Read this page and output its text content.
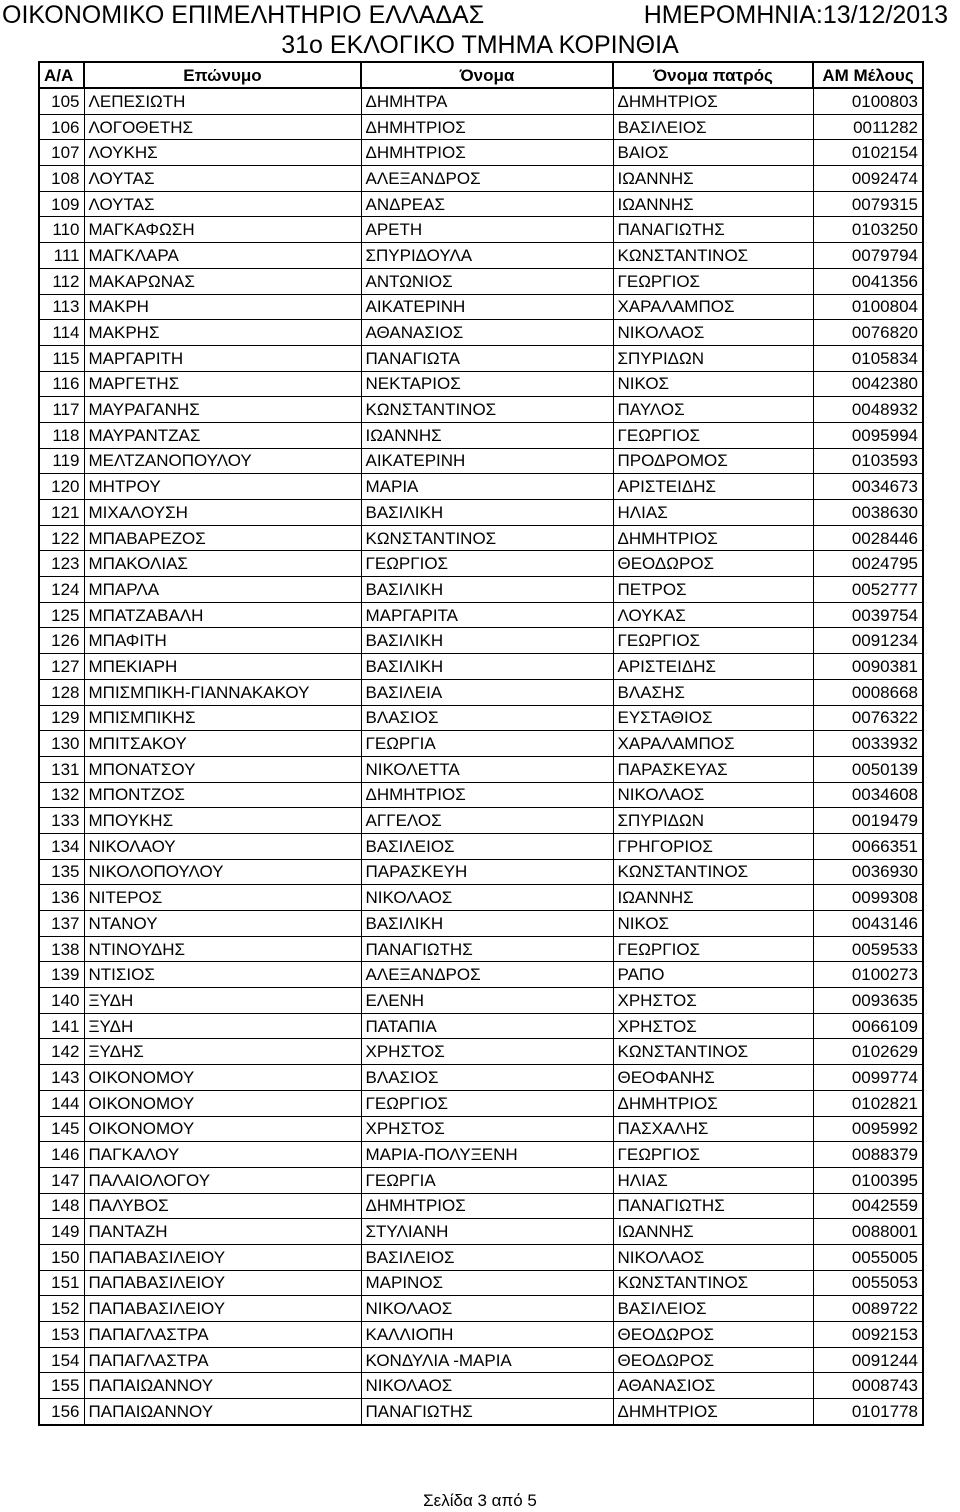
ΟΙΚΟΝΟΜΙΚΟ ΕΠΙΜΕΛΗΤΗΡΙΟ ΕΛΛΑΔΑΣ	ΗΜΕΡΟΜΗΝΙΑ:13/12/2013
31ο ΕΚΛΟΓΙΚΟ ΤΜΗΜΑ ΚΟΡΙΝΘΙΑ
Α/Α	Επώνυμο	Όνομα	Όνομα πατρός	ΑΜ Μέλους
105	ΛΕΠΕΣΙΩΤΗ	ΔΗΜΗΤΡΑ	ΔΗΜΗΤΡΙΟΣ	0100803
106	ΛΟΓΟΘΕΤΗΣ	ΔΗΜΗΤΡΙΟΣ	ΒΑΣΙΛΕΙΟΣ	0011282
107	ΛΟΥΚΗΣ	ΔΗΜΗΤΡΙΟΣ	ΒΑΙΟΣ	0102154
108	ΛΟΥΤΑΣ	ΑΛΕΞΑΝΔΡΟΣ	ΙΩΑΝΝΗΣ	0092474
109	ΛΟΥΤΑΣ	ΑΝΔΡΕΑΣ	ΙΩΑΝΝΗΣ	0079315
110	ΜΑΓΚΑΦΩΣΗ	ΑΡΕΤΗ	ΠΑΝΑΓΙΩΤΗΣ	0103250
111	ΜΑΓΚΛΑΡΑ	ΣΠΥΡΙΔΟΥΛΑ	ΚΩΝΣΤΑΝΤΙΝΟΣ	0079794
112	ΜΑΚΑΡΩΝΑΣ	ΑΝΤΩΝΙΟΣ	ΓΕΩΡΓΙΟΣ	0041356
113	ΜΑΚΡΗ	ΑΙΚΑΤΕΡΙΝΗ	ΧΑΡΑΛΑΜΠΟΣ	0100804
114	ΜΑΚΡΗΣ	ΑΘΑΝΑΣΙΟΣ	ΝΙΚΟΛΑΟΣ	0076820
115	ΜΑΡΓΑΡΙΤΗ	ΠΑΝΑΓΙΩΤΑ	ΣΠΥΡΙΔΩΝ	0105834
116	ΜΑΡΓΕΤΗΣ	ΝΕΚΤΑΡΙΟΣ	ΝΙΚΟΣ	0042380
117	ΜΑΥΡΑΓΑΝΗΣ	ΚΩΝΣΤΑΝΤΙΝΟΣ	ΠΑΥΛΟΣ	0048932
118	ΜΑΥΡΑΝΤΖΑΣ	ΙΩΑΝΝΗΣ	ΓΕΩΡΓΙΟΣ	0095994
119	ΜΕΛΤΖΑΝΟΠΟΥΛΟΥ	ΑΙΚΑΤΕΡΙΝΗ	ΠΡΟΔΡΟΜΟΣ	0103593
120	ΜΗΤΡΟΥ	ΜΑΡΙΑ	ΑΡΙΣΤΕΙΔΗΣ	0034673
121	ΜΙΧΑΛΟΥΣΗ	ΒΑΣΙΛΙΚΗ	ΗΛΙΑΣ	0038630
122	ΜΠΑΒΑΡΕΖΟΣ	ΚΩΝΣΤΑΝΤΙΝΟΣ	ΔΗΜΗΤΡΙΟΣ	0028446
123	ΜΠΑΚΟΛΙΑΣ	ΓΕΩΡΓΙΟΣ	ΘΕΟΔΩΡΟΣ	0024795
124	ΜΠΑΡΛΑ	ΒΑΣΙΛΙΚΗ	ΠΕΤΡΟΣ	0052777
125	ΜΠΑΤΖΑΒΑΛΗ	ΜΑΡΓΑΡΙΤΑ	ΛΟΥΚΑΣ	0039754
126	ΜΠΑΦΙΤΗ	ΒΑΣΙΛΙΚΗ	ΓΕΩΡΓΙΟΣ	0091234
127	ΜΠΕΚΙΑΡΗ	ΒΑΣΙΛΙΚΗ	ΑΡΙΣΤΕΙΔΗΣ	0090381
128	ΜΠΙΣΜΠΙΚΗ-ΓΙΑΝΝΑΚΑΚΟΥ	ΒΑΣΙΛΕΙΑ	ΒΛΑΣΗΣ	0008668
129	ΜΠΙΣΜΠΙΚΗΣ	ΒΛΑΣΙΟΣ	ΕΥΣΤΑΘΙΟΣ	0076322
130	ΜΠΙΤΣΑΚΟΥ	ΓΕΩΡΓΙΑ	ΧΑΡΑΛΑΜΠΟΣ	0033932
131	ΜΠΟΝΑΤΣΟΥ	ΝΙΚΟΛΕΤΤΑ	ΠΑΡΑΣΚΕΥΑΣ	0050139
132	ΜΠΟΝΤΖΟΣ	ΔΗΜΗΤΡΙΟΣ	ΝΙΚΟΛΑΟΣ	0034608
133	ΜΠΟΥΚΗΣ	ΑΓΓΕΛΟΣ	ΣΠΥΡΙΔΩΝ	0019479
134	ΝΙΚΟΛΑΟΥ	ΒΑΣΙΛΕΙΟΣ	ΓΡΗΓΟΡΙΟΣ	0066351
135	ΝΙΚΟΛΟΠΟΥΛΟΥ	ΠΑΡΑΣΚΕΥΗ	ΚΩΝΣΤΑΝΤΙΝΟΣ	0036930
136	ΝΙΤΕΡΟΣ	ΝΙΚΟΛΑΟΣ	ΙΩΑΝΝΗΣ	0099308
137	ΝΤΑΝΟΥ	ΒΑΣΙΛΙΚΗ	ΝΙΚΟΣ	0043146
138	ΝΤΙΝΟΥΔΗΣ	ΠΑΝΑΓΙΩΤΗΣ	ΓΕΩΡΓΙΟΣ	0059533
139	ΝΤΙΣΙΟΣ	ΑΛΕΞΑΝΔΡΟΣ	ΡΑΠΟ	0100273
140	ΞΥΔΗ	ΕΛΕΝΗ	ΧΡΗΣΤΟΣ	0093635
141	ΞΥΔΗ	ΠΑΤΑΠΙΑ	ΧΡΗΣΤΟΣ	0066109
142	ΞΥΔΗΣ	ΧΡΗΣΤΟΣ	ΚΩΝΣΤΑΝΤΙΝΟΣ	0102629
143	ΟΙΚΟΝΟΜΟΥ	ΒΛΑΣΙΟΣ	ΘΕΟΦΑΝΗΣ	0099774
144	ΟΙΚΟΝΟΜΟΥ	ΓΕΩΡΓΙΟΣ	ΔΗΜΗΤΡΙΟΣ	0102821
145	ΟΙΚΟΝΟΜΟΥ	ΧΡΗΣΤΟΣ	ΠΑΣΧΑΛΗΣ	0095992
146	ΠΑΓΚΑΛΟΥ	ΜΑΡΙΑ-ΠΟΛΥΞΕΝΗ	ΓΕΩΡΓΙΟΣ	0088379
147	ΠΑΛΑΙΟΛΟΓΟΥ	ΓΕΩΡΓΙΑ	ΗΛΙΑΣ	0100395
148	ΠΑΛΥΒΟΣ	ΔΗΜΗΤΡΙΟΣ	ΠΑΝΑΓΙΩΤΗΣ	0042559
149	ΠΑΝΤΑΖΗ	ΣΤΥΛΙΑΝΗ	ΙΩΑΝΝΗΣ	0088001
150	ΠΑΠΑΒΑΣΙΛΕΙΟΥ	ΒΑΣΙΛΕΙΟΣ	ΝΙΚΟΛΑΟΣ	0055005
151	ΠΑΠΑΒΑΣΙΛΕΙΟΥ	ΜΑΡΙΝΟΣ	ΚΩΝΣΤΑΝΤΙΝΟΣ	0055053
152	ΠΑΠΑΒΑΣΙΛΕΙΟΥ	ΝΙΚΟΛΑΟΣ	ΒΑΣΙΛΕΙΟΣ	0089722
153	ΠΑΠΑΓΛΑΣΤΡΑ	ΚΑΛΛΙΟΠΗ	ΘΕΟΔΩΡΟΣ	0092153
154	ΠΑΠΑΓΛΑΣΤΡΑ	ΚΟΝΔΥΛΙΑ -ΜΑΡΙΑ	ΘΕΟΔΩΡΟΣ	0091244
155	ΠΑΠΑΙΩΑΝΝΟΥ	ΝΙΚΟΛΑΟΣ	ΑΘΑΝΑΣΙΟΣ	0008743
156	ΠΑΠΑΙΩΑΝΝΟΥ	ΠΑΝΑΓΙΩΤΗΣ	ΔΗΜΗΤΡΙΟΣ	0101778
Σελίδα 3 από 5
